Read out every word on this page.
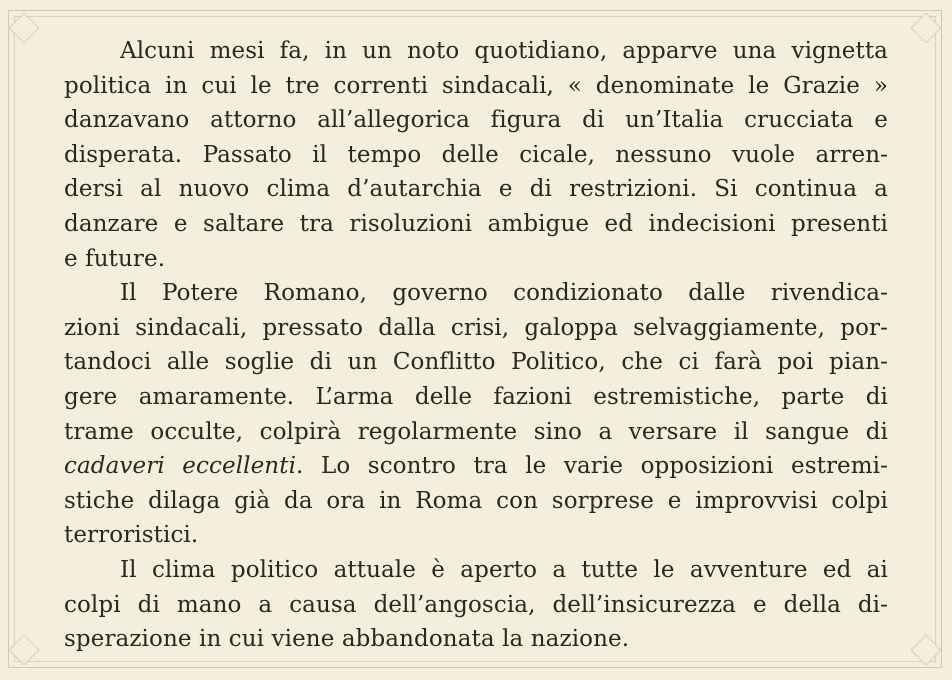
Alcuni mesi fa, in un noto quotidiano, apparve una vignetta
politica in cui le tre correnti sindacali, « denominate le Grazie »
danzavano attorno all’allegorica figura di un’Italia crucciata e
disperata. Passato il tempo delle cicale, nessuno vuole arren-
dersi al nuovo clima d’autarchia e di restrizioni. Si continua a
danzare e saltare tra risoluzioni ambigue ed indecisioni presenti
e future.
Il Potere Romano, governo condizionato dalle rivendica-
zioni sindacali, pressato dalla crisi, galoppa selvaggiamente, por-
tandoci alle soglie di un Conflitto Politico, che ci farà poi pian-
gere amaramente. L’arma delle fazioni estremistiche, parte di
trame occulte, colpirà regolarmente sino a versare il sangue di
cadaveri eccellenti. Lo scontro tra le varie opposizioni estremi-
stiche dilaga già da ora in Roma con sorprese e improvvisi colpi
terroristici.
Il clima politico attuale è aperto a tutte le avventure ed ai
colpi di mano a causa dell’angoscia, dell’insicurezza e della di-
sperazione in cui viene abbandonata la nazione.
